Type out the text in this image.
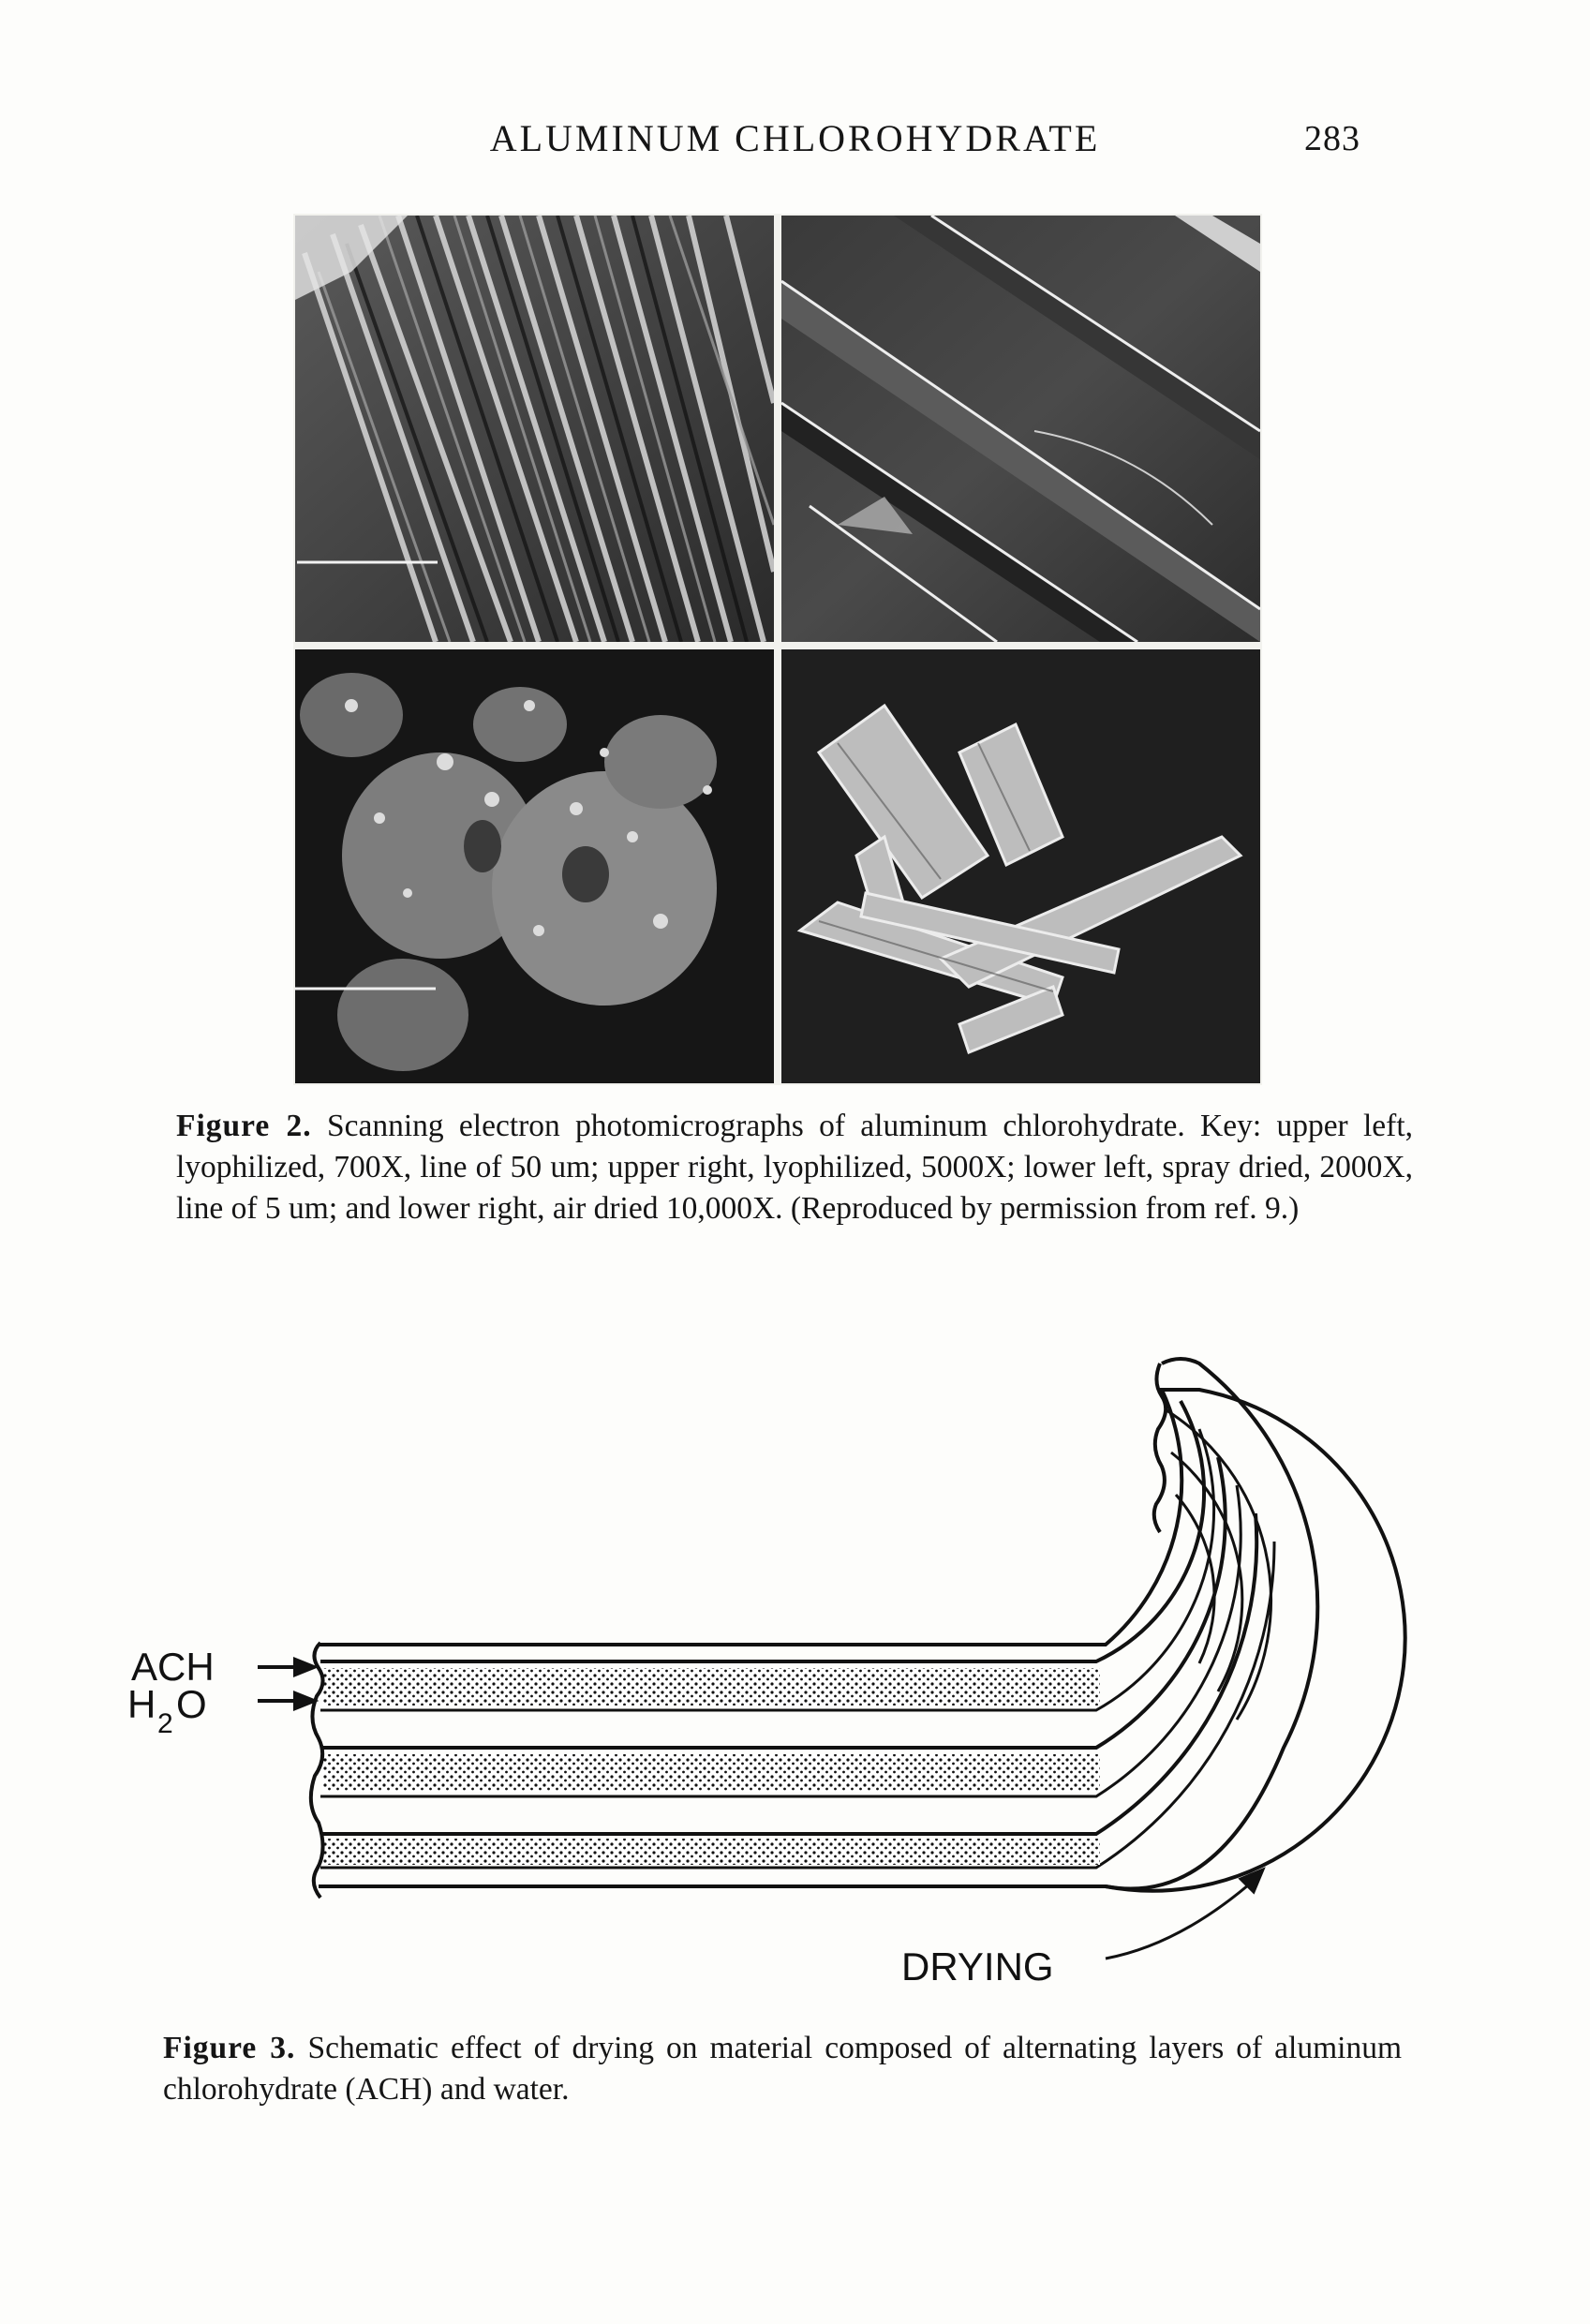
ALUMINUM CHLOROHYDRATE	283
Figure 2. Scanning electron photomicrographs of aluminum chlorohydrate. Key: upper left, lyophilized, 700X, line of 50 um; upper right, lyophilized, 5000X; lower left, spray dried, 2000X, line of 5 um; and lower right, air dried 10,000X. (Reproduced by permission from ref. 9.)
ACH
H 2 O
DRYING
Figure 3. Schematic effect of drying on material composed of alternating layers of aluminum chlorohydrate (ACH) and water.
